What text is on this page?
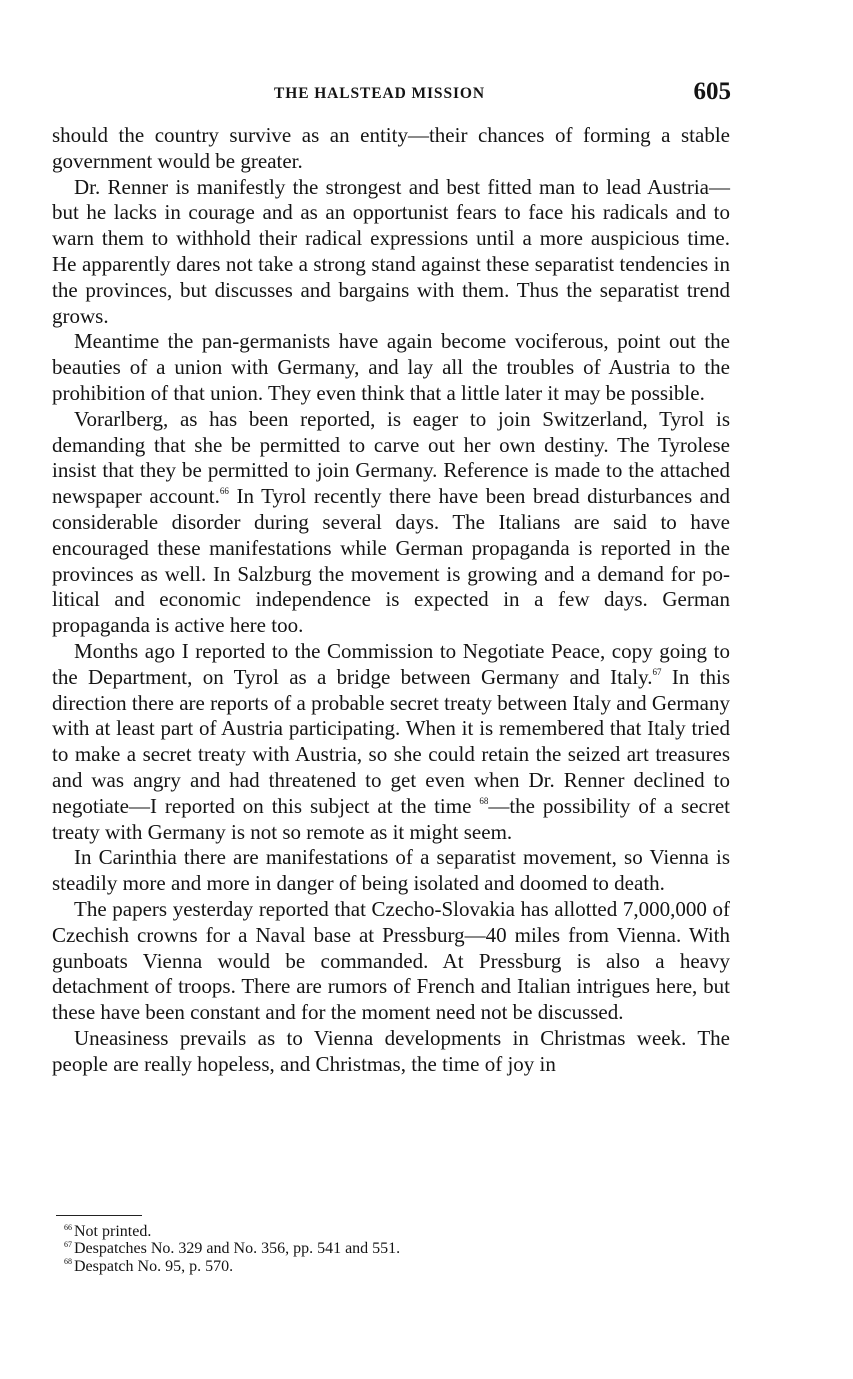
THE HALSTEAD MISSION	605

should the country survive as an entity—their chances of forming a stable government would be greater.

Dr. Renner is manifestly the strongest and best fitted man to lead Austria—but he lacks in courage and as an opportunist fears to face his radicals and to warn them to withhold their radical expressions until a more auspicious time. He apparently dares not take a strong stand against these separatist tendencies in the provinces, but discusses and bargains with them. Thus the separatist trend grows.

Meantime the pan-germanists have again become vociferous, point out the beauties of a union with Germany, and lay all the troubles of Austria to the prohibition of that union. They even think that a little later it may be possible.

Vorarlberg, as has been reported, is eager to join Switzerland, Tyrol is demanding that she be permitted to carve out her own destiny. The Tyrolese insist that they be permitted to join Germany. Reference is made to the attached newspaper account.$^{66}$ In Tyrol recently there have been bread disturbances and considerable disorder during several days. The Italians are said to have encouraged these manifestations while German propaganda is reported in the provinces as well. In Salzburg the movement is growing and a demand for political and economic independence is expected in a few days. German propaganda is active here too.

Months ago I reported to the Commission to Negotiate Peace, copy going to the Department, on Tyrol as a bridge between Germany and Italy.$^{67}$ In this direction there are reports of a probable secret treaty between Italy and Germany with at least part of Austria participating. When it is remembered that Italy tried to make a secret treaty with Austria, so she could retain the seized art treasures and was angry and had threatened to get even when Dr. Renner declined to negotiate—I reported on this subject at the time $^{68}$—the possibility of a secret treaty with Germany is not so remote as it might seem.

In Carinthia there are manifestations of a separatist movement, so Vienna is steadily more and more in danger of being isolated and doomed to death.

The papers yesterday reported that Czecho-Slovakia has allotted 7,000,000 of Czechish crowns for a Naval base at Pressburg—40 miles from Vienna. With gunboats Vienna would be commanded. At Pressburg is also a heavy detachment of troops. There are rumors of French and Italian intrigues here, but these have been constant and for the moment need not be discussed.

Uneasiness prevails as to Vienna developments in Christmas week. The people are really hopeless, and Christmas, the time of joy in

$^{66}$ Not printed.
$^{67}$ Despatches No. 329 and No. 356, pp. 541 and 551.
$^{68}$ Despatch No. 95, p. 570.
